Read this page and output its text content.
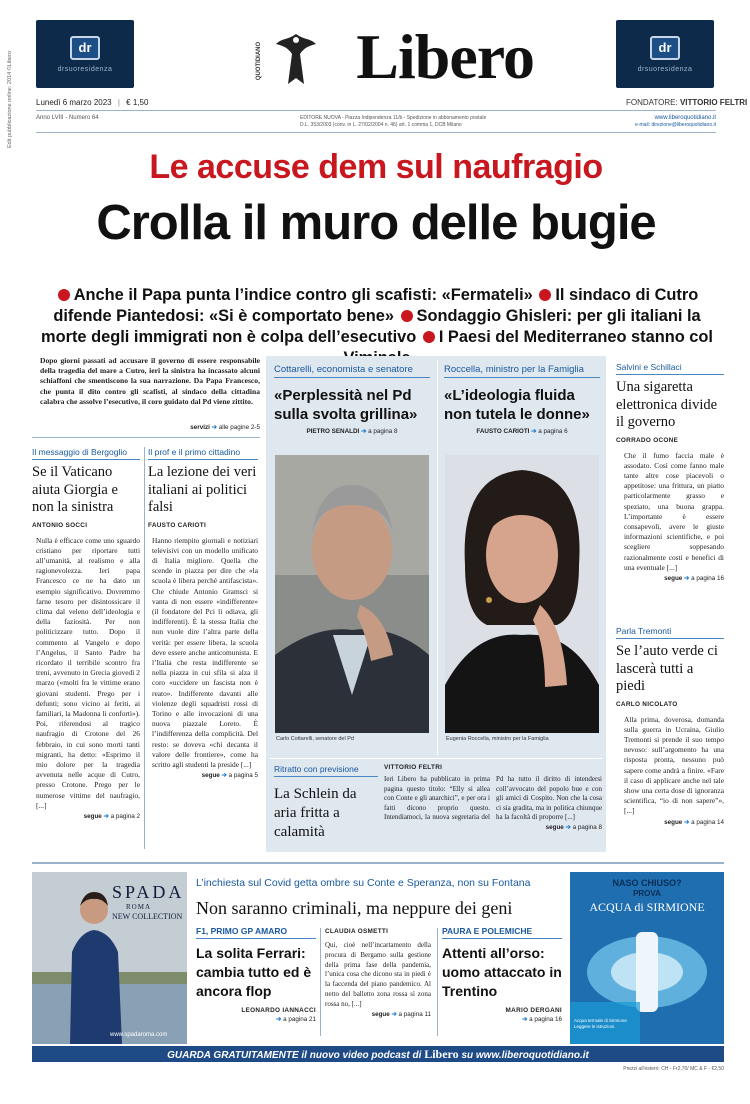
Edit pubblicazione online: 2014 ©Libero
dr
drsuoresidenza
dr
drsuoresidenza
QUOTIDIANO	Libero
Lunedì 6 marzo 2023 | € 1,50
Anno LVIII - Numero 64	EDITORE NUOVA - Piazza Indipendenza 11/b - Spedizione in abbonamento postale
D.L. 353/2003 (conv. in L. 27/02/2004 n. 46) art. 1 comma 1, DCB Milano
FONDATORE: VITTORIO FELTRI
www.liberoquotidiano.it
e-mail: direzione@liberoquotidiano.it
Le accuse dem sul naufragio
Crolla il muro delle bugie
Anche il Papa punta l’indice contro gli scafisti: «Fermateli» Il sindaco di Cutro difende Piantedosi: «Si è comportato bene» Sondaggio Ghisleri: per gli italiani la morte degli immigrati non è colpa dell’esecutivo I Paesi del Mediterraneo stanno col
Dopo giorni passati ad accusare il governo di essere responsabile della tragedia del mare a Cutro, ieri la sinistra ha incassato alcuni schiaffoni che smentiscono la sua narrazione. Da Papa Francesco, che punta il dito contro gli scafisti, al sindaco della cittadina calabra che assolve l’esecutivo, il coro guidato dal Pd viene zittito.
servizi ➔ alle pagine 2-5
Il messaggio di Bergoglio
Se il Vaticano aiuta Giorgia e non la sinistra
ANTONIO SOCCI
Nulla è efficace come uno sguardo cristiano per riportare tutti all’umanità, al realismo e alla ragionevolezza. Ieri papa Francesco ce ne ha dato un esempio significativo. Dovremmo farne tesoro per disintossicare il clima dal veleno dell’ideologia e della faziosità. Per non politicizzare tutto. Dopo il commento al Vangelo e dopo l’Angelus, il Santo Padre ha ricordato il terribile scontro fra treni, avvenuto in Grecia giovedì 2 marzo («molti fra le vittime erano giovani studenti. Prego per i defunti; sono vicino ai feriti, ai familiari, la Madonna li conforti»). Poi, riferendosi al tragico naufragio di Crotone del 26 febbraio, in cui sono morti tanti migranti, ha detto: «Esprimo il mio dolore per la tragedia avvenuta nelle acque di Cutro, presso Crotone. Prego per le numerose vittime del naufragio, [...]
segue ➔ a pagina 2
Il prof e il primo cittadino
La lezione dei veri italiani ai politici falsi
FAUSTO CARIOTI
Hanno riempito giornali e notiziari televisivi con un modello unificato di Italia migliore. Quella che scende in piazza per dire che «la scuola è libera perché antifascista». Che chiude Antonio Gramsci si vanta di non essere «indifferente» (il fondatore del Pci li odiava, gli indifferenti). È la stessa Italia che non vuole dire l’altra parte della verità: per essere libera, la scuola deve essere anche anticomunista. E l’Italia che resta indifferente se nella piazza in cui sfila si alza il coro «uccidere un fascista non è reato». Indifferente davanti alle violenze degli squadristi rossi di Torino e alle invocazioni di una nuova piazzale Loreto. È l’indifferenza della complicità. Del resto: se doveva «chi decanta il valore delle frontiere», come ha scritto agli studenti la preside [...]
segue ➔ a pagina 5
Cottarelli, economista e senatore
«Perplessità nel Pd sulla svolta grillina»
PIETRO SENALDI ➔ a pagina 8
Roccella, ministro per la Famiglia
«L’ideologia fluida non tutela le donne»
FAUSTO CARIOTI ➔ a pagina 6
Carlo Cottarelli, senatore del Pd	Eugenia Roccella, ministro per la Famiglia
Ritratto con previsione
La Schlein da aria fritta a calamità
VITTORIO FELTRI
Ieri Libero ha pubblicato in prima pagina questo titolo: “Elly si allea con Conte e gli anarchici”, e per ora i fatti dicono proprio questo. Intendiamoci, la nuova segretaria del Pd ha tutto il diritto di intendersi coll’avvocato del popolo bue e con gli amici di Cospito. Non che la cosa ci sia gradita, ma in politica chiunque ha la facoltà di proporre [...]
segue ➔ a pagina 8
Salvini e Schillaci
Una sigaretta elettronica divide il governo
CORRADO OCONE
Che il fumo faccia male è assodato. Così come fanno male tante altre cose piacevoli o appetitose: una frittura, un piatto particolarmente grasso e speziato, una buona grappa. L’importante è essere consapevoli, avere le giuste informazioni scientifiche, e poi scegliere soppesando razionalmente costi e benefici di una eventuale [...]
segue ➔ a pagina 16
Parla Tremonti
Se l’auto verde ci lascerà tutti a piedi
CARLO NICOLATO
Alla prima, doverosa, domanda sulla guerra in Ucraina, Giulio Tremonti si prende il suo tempo nevoso: sull’argomento ha una risposta pronta, nessuno può sapere come andrà a finire. «Fare il caso di applicare anche nel tale show una certa dose di ignoranza scientifica, “io di non sapere”», [...]
segue ➔ a pagina 14
SPADA
ROMA
NEW COLLECTION
www.spadaroma.com
NASO CHIUSO?
PROVA
ACQUA di SIRMIONE
Acqua termale di Sirmione. Leggere le istruzioni.
L’inchiesta sul Covid getta ombre su Conte e Speranza, non su Fontana
Non saranno criminali, ma neppure dei geni
F1, PRIMO GP AMARO
La solita Ferrari: cambia tutto ed è ancora flop
LEONARDO IANNACCI
➔ a pagina 21
CLAUDIA OSMETTI
Qui, cioè nell’incartamento della procura di Bergamo sulla gestione della prima fase della pandemia, l’unica cosa che dicono sta in piedi è la faccenda del piano pandemico. Al netto del balletto zona rossa sì zona rossa no, [...]
segue ➔ a pagina 11
PAURA E POLEMICHE
Attenti all’orso: uomo attaccato in Trentino
MARIO DERGANI
➔ a pagina 16
GUARDA GRATUITAMENTE il nuovo video podcast di Libero su www.liberoquotidiano.it
Prezzi all'estero: CH - Fr2,70/ MC & F - €2,50
